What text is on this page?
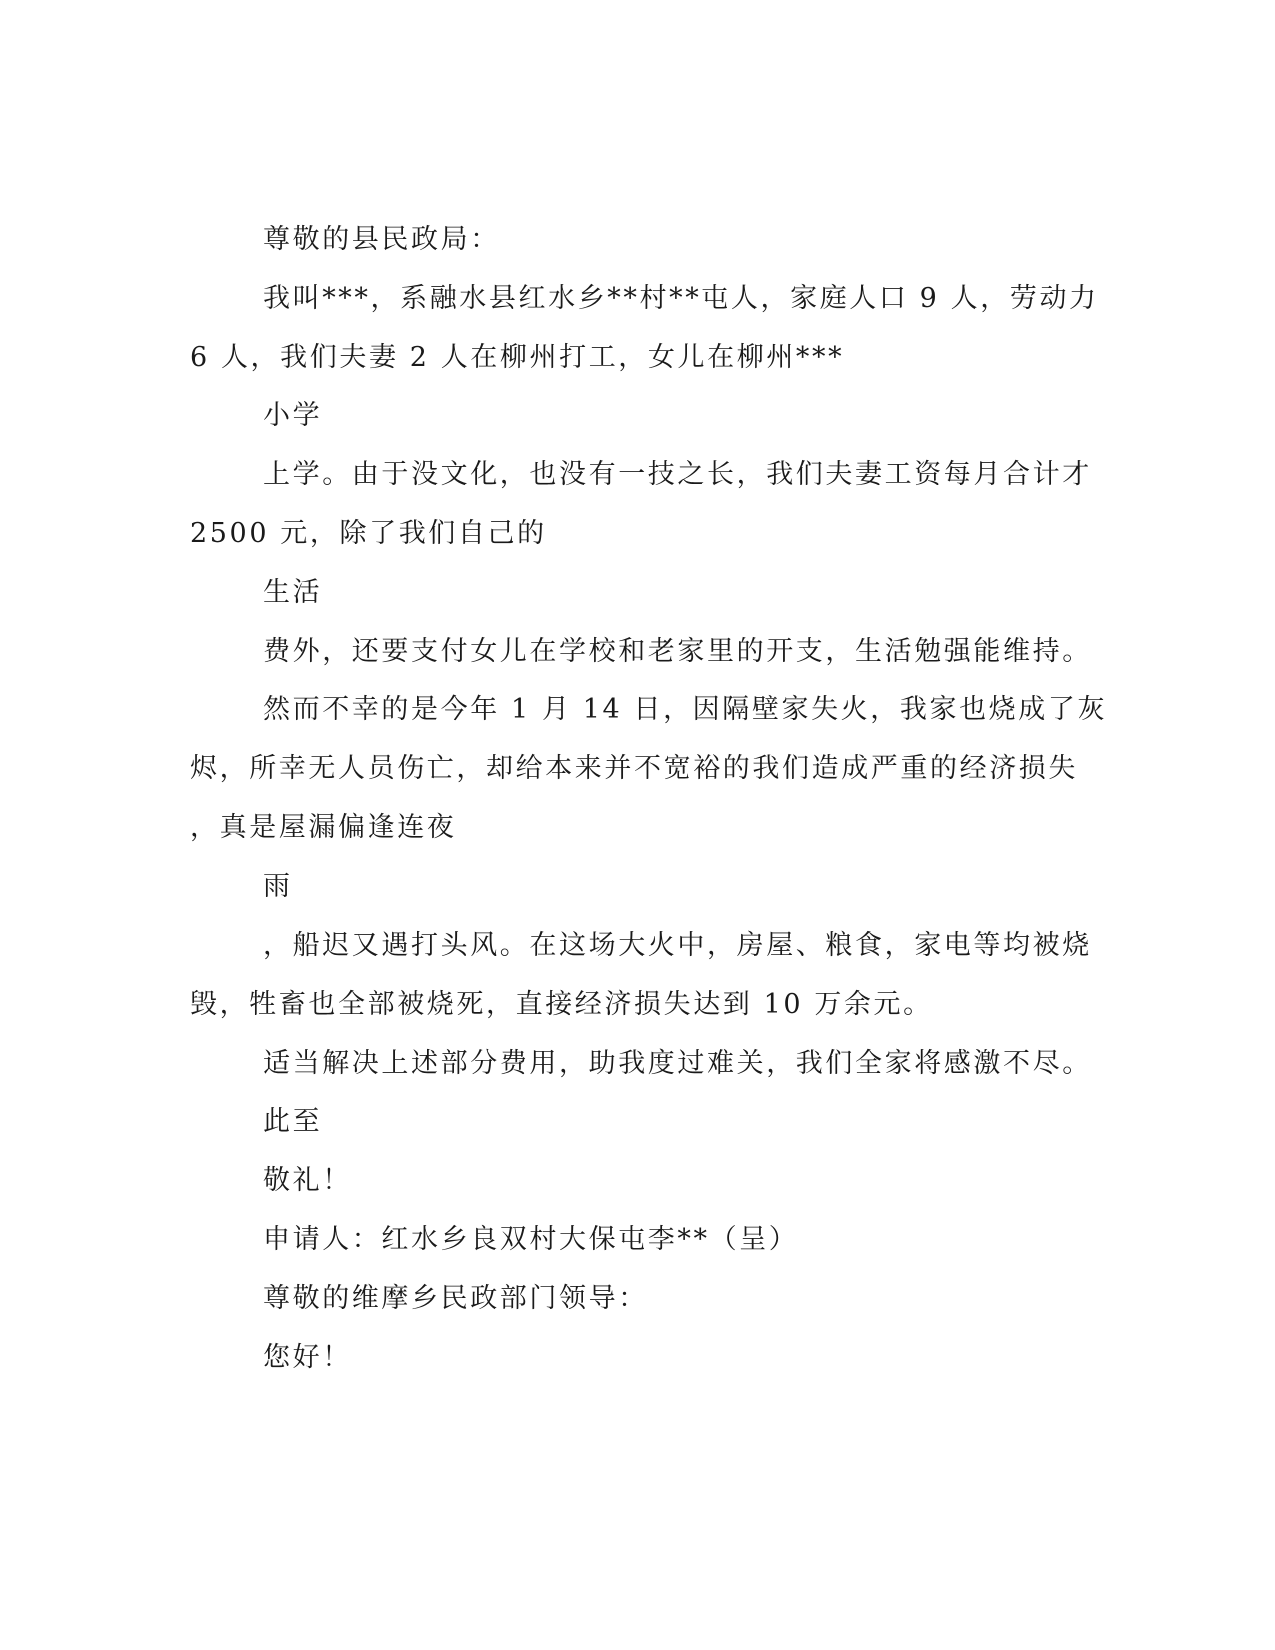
尊敬的县民政局：
我叫***，系融水县红水乡**村**屯人，家庭人口 9 人，劳动力
6 人，我们夫妻 2 人在柳州打工，女儿在柳州***
小学
上学。由于没文化，也没有一技之长，我们夫妻工资每月合计才
2500 元，除了我们自己的
生活
费外，还要支付女儿在学校和老家里的开支，生活勉强能维持。
然而不幸的是今年 1 月 14 日，因隔壁家失火，我家也烧成了灰
烬，所幸无人员伤亡，却给本来并不宽裕的我们造成严重的经济损失
，真是屋漏偏逢连夜
雨
，船迟又遇打头风。在这场大火中，房屋、粮食，家电等均被烧
毁，牲畜也全部被烧死，直接经济损失达到 10 万余元。
适当解决上述部分费用，助我度过难关，我们全家将感激不尽。
此至
敬礼！
申请人：红水乡良双村大保屯李**（呈）
尊敬的维摩乡民政部门领导：
您好！
